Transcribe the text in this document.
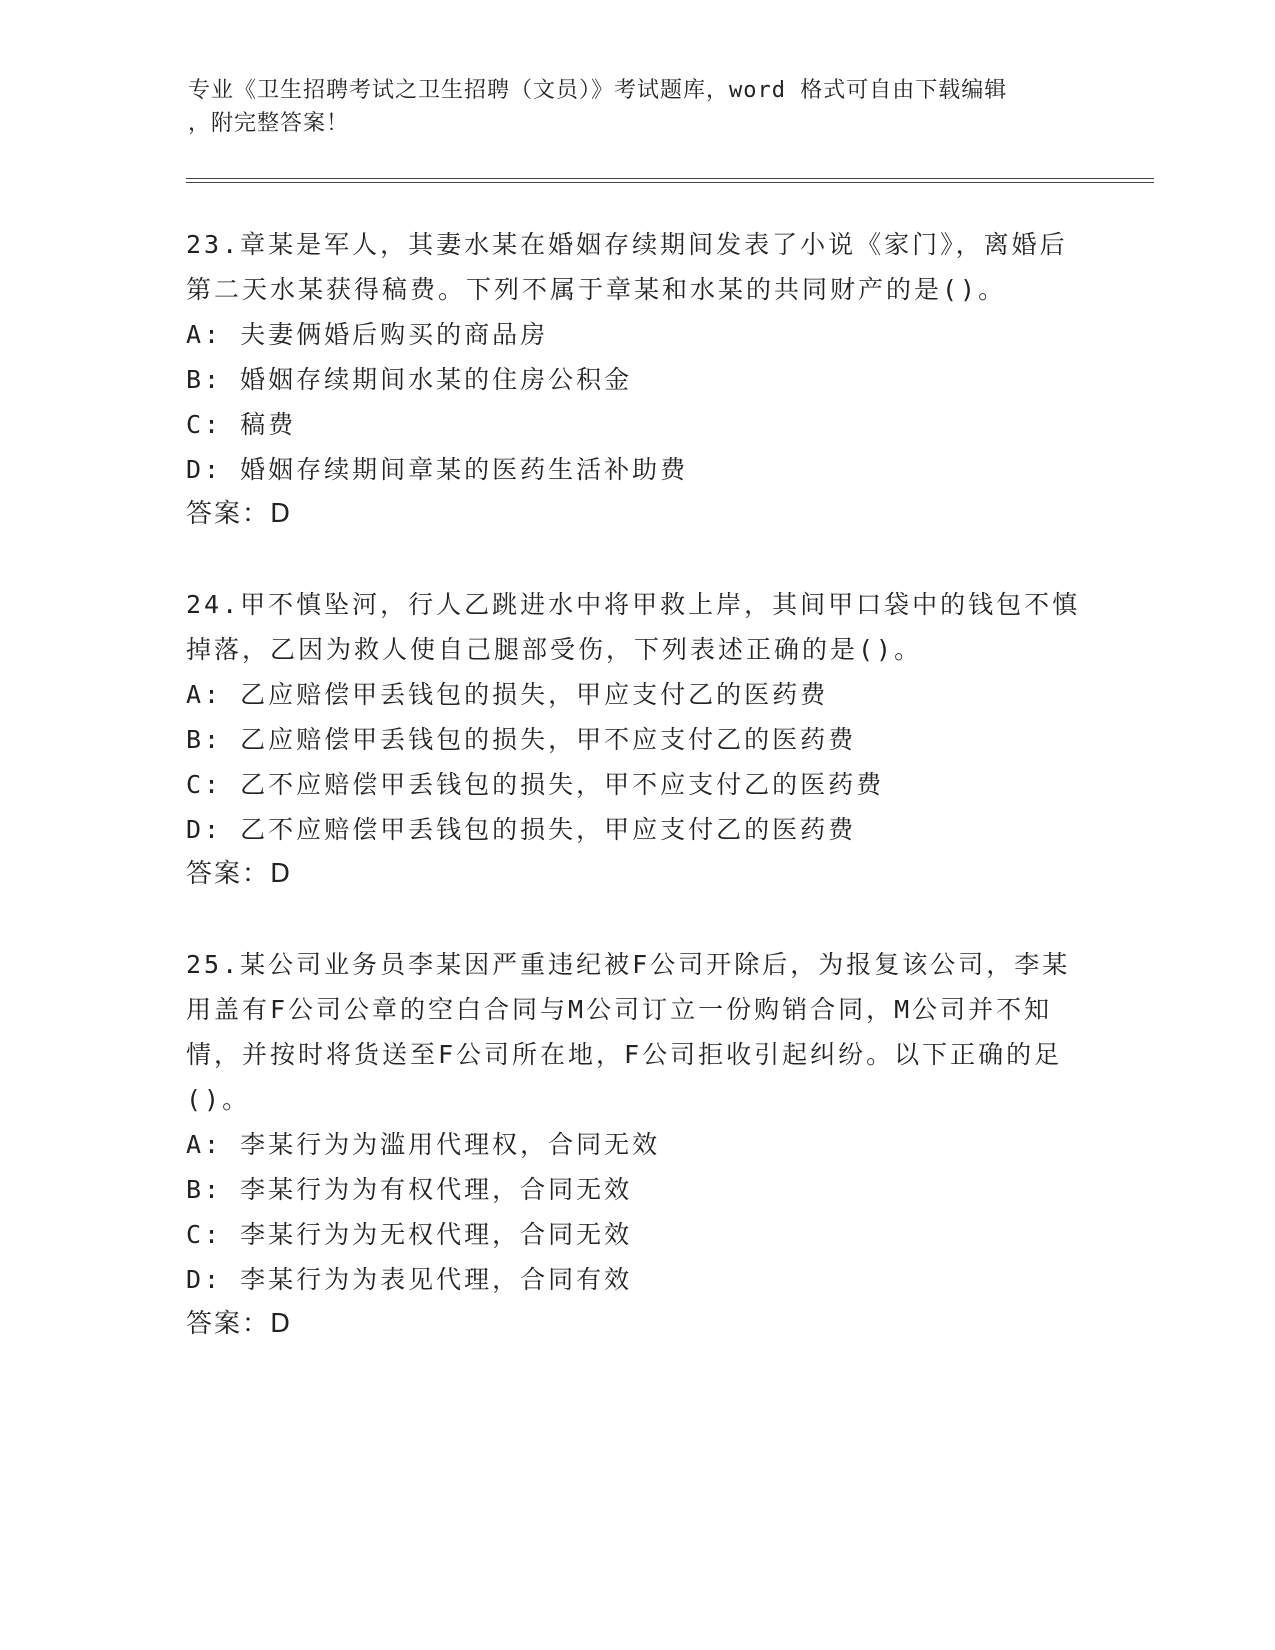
专业《卫生招聘考试之卫生招聘（文员）》考试题库，word 格式可自由下载编辑
，附完整答案！

23.章某是军人，其妻水某在婚姻存续期间发表了小说《家门》，离婚后第二天水某获得稿费。下列不属于章某和水某的共同财产的是()。

A: 夫妻俩婚后购买的商品房

B: 婚姻存续期间水某的住房公积金

C: 稿费

D: 婚姻存续期间章某的医药生活补助费

答案：D

24.甲不慎坠河，行人乙跳进水中将甲救上岸，其间甲口袋中的钱包不慎掉落，乙因为救人使自己腿部受伤，下列表述正确的是()。

A: 乙应赔偿甲丢钱包的损失，甲应支付乙的医药费

B: 乙应赔偿甲丢钱包的损失，甲不应支付乙的医药费

C: 乙不应赔偿甲丢钱包的损失，甲不应支付乙的医药费

D: 乙不应赔偿甲丢钱包的损失，甲应支付乙的医药费

答案：D

25.某公司业务员李某因严重违纪被F公司开除后，为报复该公司，李某用盖有F公司公章的空白合同与M公司订立一份购销合同，M公司并不知情，并按时将货送至F公司所在地，F公司拒收引起纠纷。以下正确的足()。

A: 李某行为为滥用代理权，合同无效

B: 李某行为为有权代理，合同无效

C: 李某行为为无权代理，合同无效

D: 李某行为为表见代理，合同有效

答案：D
